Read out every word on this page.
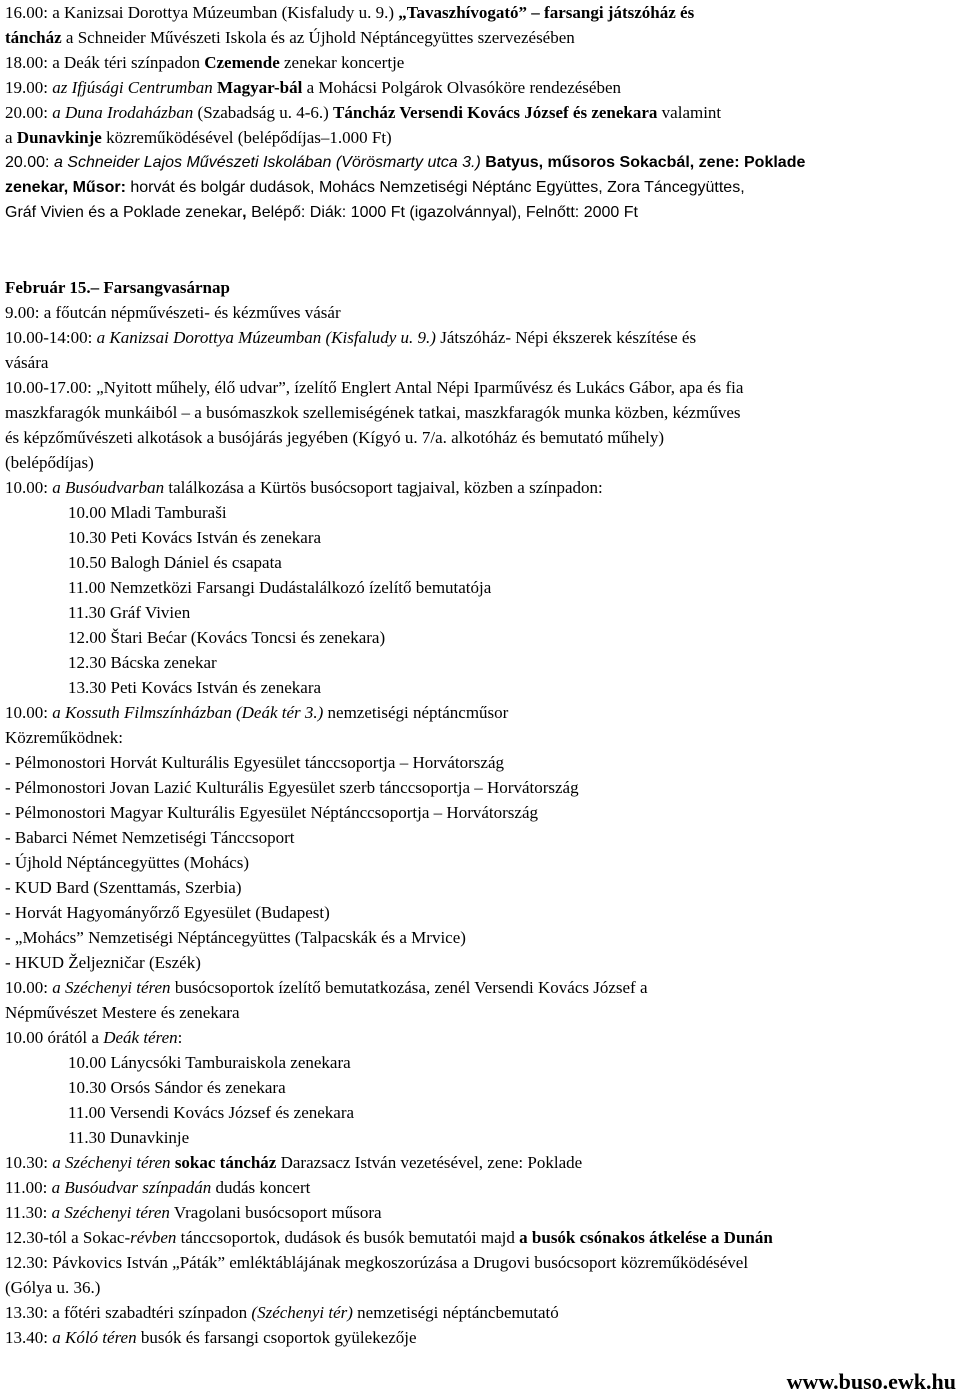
16.00: a Kanizsai Dorottya Múzeumban (Kisfaludy u. 9.) „Tavaszhívogató” – farsangi játszóház és
táncház a Schneider Művészeti Iskola és az Újhold Néptáncegyüttes szervezésében
18.00: a Deák téri színpadon Czemende zenekar koncertje
19.00: az Ifjúsági Centrumban Magyar-bál a Mohácsi Polgárok Olvasóköre rendezésében
20.00: a Duna Irodaházban (Szabadság u. 4-6.) Táncház Versendi Kovács József és zenekara valamint
a Dunavkinje közreműködésével (belépődíjas–1.000 Ft)
20.00: a Schneider Lajos Művészeti Iskolában (Vörösmarty utca 3.) Batyus, műsoros Sokacbál, zene: Poklade
zenekar, Műsor: horvát és bolgár dudások, Mohács Nemzetiségi Néptánc Együttes, Zora Táncegyüttes,
Gráf Vivien és a Poklade zenekar, Belépő: Diák: 1000 Ft (igazolvánnyal), Felnőtt: 2000 Ft
Február 15.– Farsangvasárnap
9.00: a főutcán népművészeti- és kézműves vásár
10.00-14:00: a Kanizsai Dorottya Múzeumban (Kisfaludy u. 9.) Játszóház- Népi ékszerek készítése és
vására
10.00-17.00: „Nyitott műhely, élő udvar”, ízelítő Englert Antal Népi Iparművész és Lukács Gábor, apa és fia
maszkfaragók munkáiból – a busómaszkok szellemiségének tatkai, maszkfaragók munka közben, kézműves
és képzőművészeti alkotások a busójárás jegyében (Kígyó u. 7/a. alkotóház és bemutató műhely)
(belépődíjas)
10.00: a Busóudvarban találkozása a Kürtös busócsoport tagjaival, közben a színpadon:
10.00 Mladi Tamburaši
10.30 Peti Kovács István és zenekara
10.50 Balogh Dániel és csapata
11.00 Nemzetközi Farsangi Dudástalálkozó ízelítő bemutatója
11.30 Gráf Vivien
12.00 Štari Bećar (Kovács Toncsi és zenekara)
12.30 Bácska zenekar
13.30 Peti Kovács István és zenekara
10.00: a Kossuth Filmszínházban (Deák tér 3.) nemzetiségi néptáncműsor
Közreműködnek:
- Pélmonostori Horvát Kulturális Egyesület tánccsoportja – Horvátország
- Pélmonostori Jovan Lazić Kulturális Egyesület szerb tánccsoportja – Horvátország
- Pélmonostori Magyar Kulturális Egyesület Néptánccsoportja – Horvátország
- Babarci Német Nemzetiségi Tánccsoport
- Újhold Néptáncegyüttes (Mohács)
- KUD Bard (Szenttamás, Szerbia)
- Horvát Hagyományőrző Egyesület (Budapest)
- „Mohács” Nemzetiségi Néptáncegyüttes (Talpacskák és a Mrvice)
- HKUD Željezničar (Eszék)
10.00: a Széchenyi téren busócsoportok ízelítő bemutatkozása, zenél Versendi Kovács József a
Népművészet Mestere és zenekara
10.00 órától a Deák téren:
10.00 Lánycsóki Tamburaiskola zenekara
10.30 Orsós Sándor és zenekara
11.00 Versendi Kovács József és zenekara
11.30 Dunavkinje
10.30: a Széchenyi téren sokac táncház Darazsacz István vezetésével, zene: Poklade
11.00: a Busóudvar színpadán dudás koncert
11.30: a Széchenyi téren Vragolani busócsoport műsora
12.30-tól a Sokac-révben tánccsoportok, dudások és busók bemutatói majd a busók csónakos átkelése a Dunán
12.30: Pávkovics István „Páták” emléktáblájának megkoszorúzása a Drugovi busócsoport közreműködésével
(Gólya u. 36.)
13.30: a főtéri szabadtéri színpadon (Széchenyi tér) nemzetiségi néptáncbemutató
13.40: a Kóló téren busók és farsangi csoportok gyülekezője
www.buso.ewk.hu
